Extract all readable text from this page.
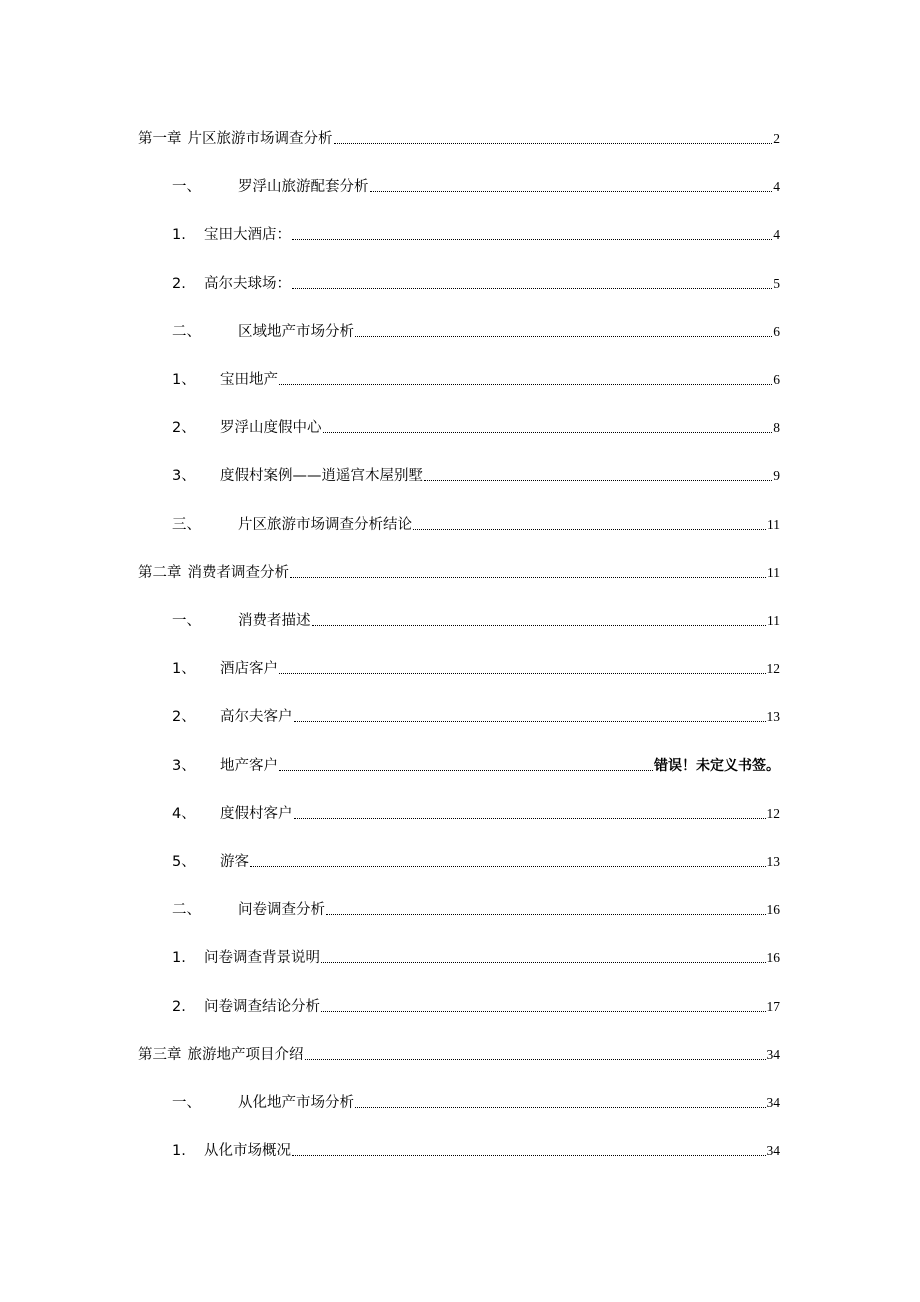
第一章 片区旅游市场调查分析	2
一、	罗浮山旅游配套分析	4
1.	宝田大酒店：	4
2.	高尔夫球场：	5
二、	区域地产市场分析	6
1、	宝田地产	6
2、	罗浮山度假中心	8
3、	度假村案例——逍遥宫木屋别墅	9
三、	片区旅游市场调查分析结论	11
第二章 消费者调查分析	11
一、	消费者描述	11
1、	酒店客户	12
2、	高尔夫客户	13
3、	地产客户	错误！未定义书签。
4、	度假村客户	12
5、	游客	13
二、	问卷调查分析	16
1.	问卷调查背景说明	16
2.	问卷调查结论分析	17
第三章 旅游地产项目介绍	34
一、	从化地产市场分析	34
1.	从化市场概况	34
